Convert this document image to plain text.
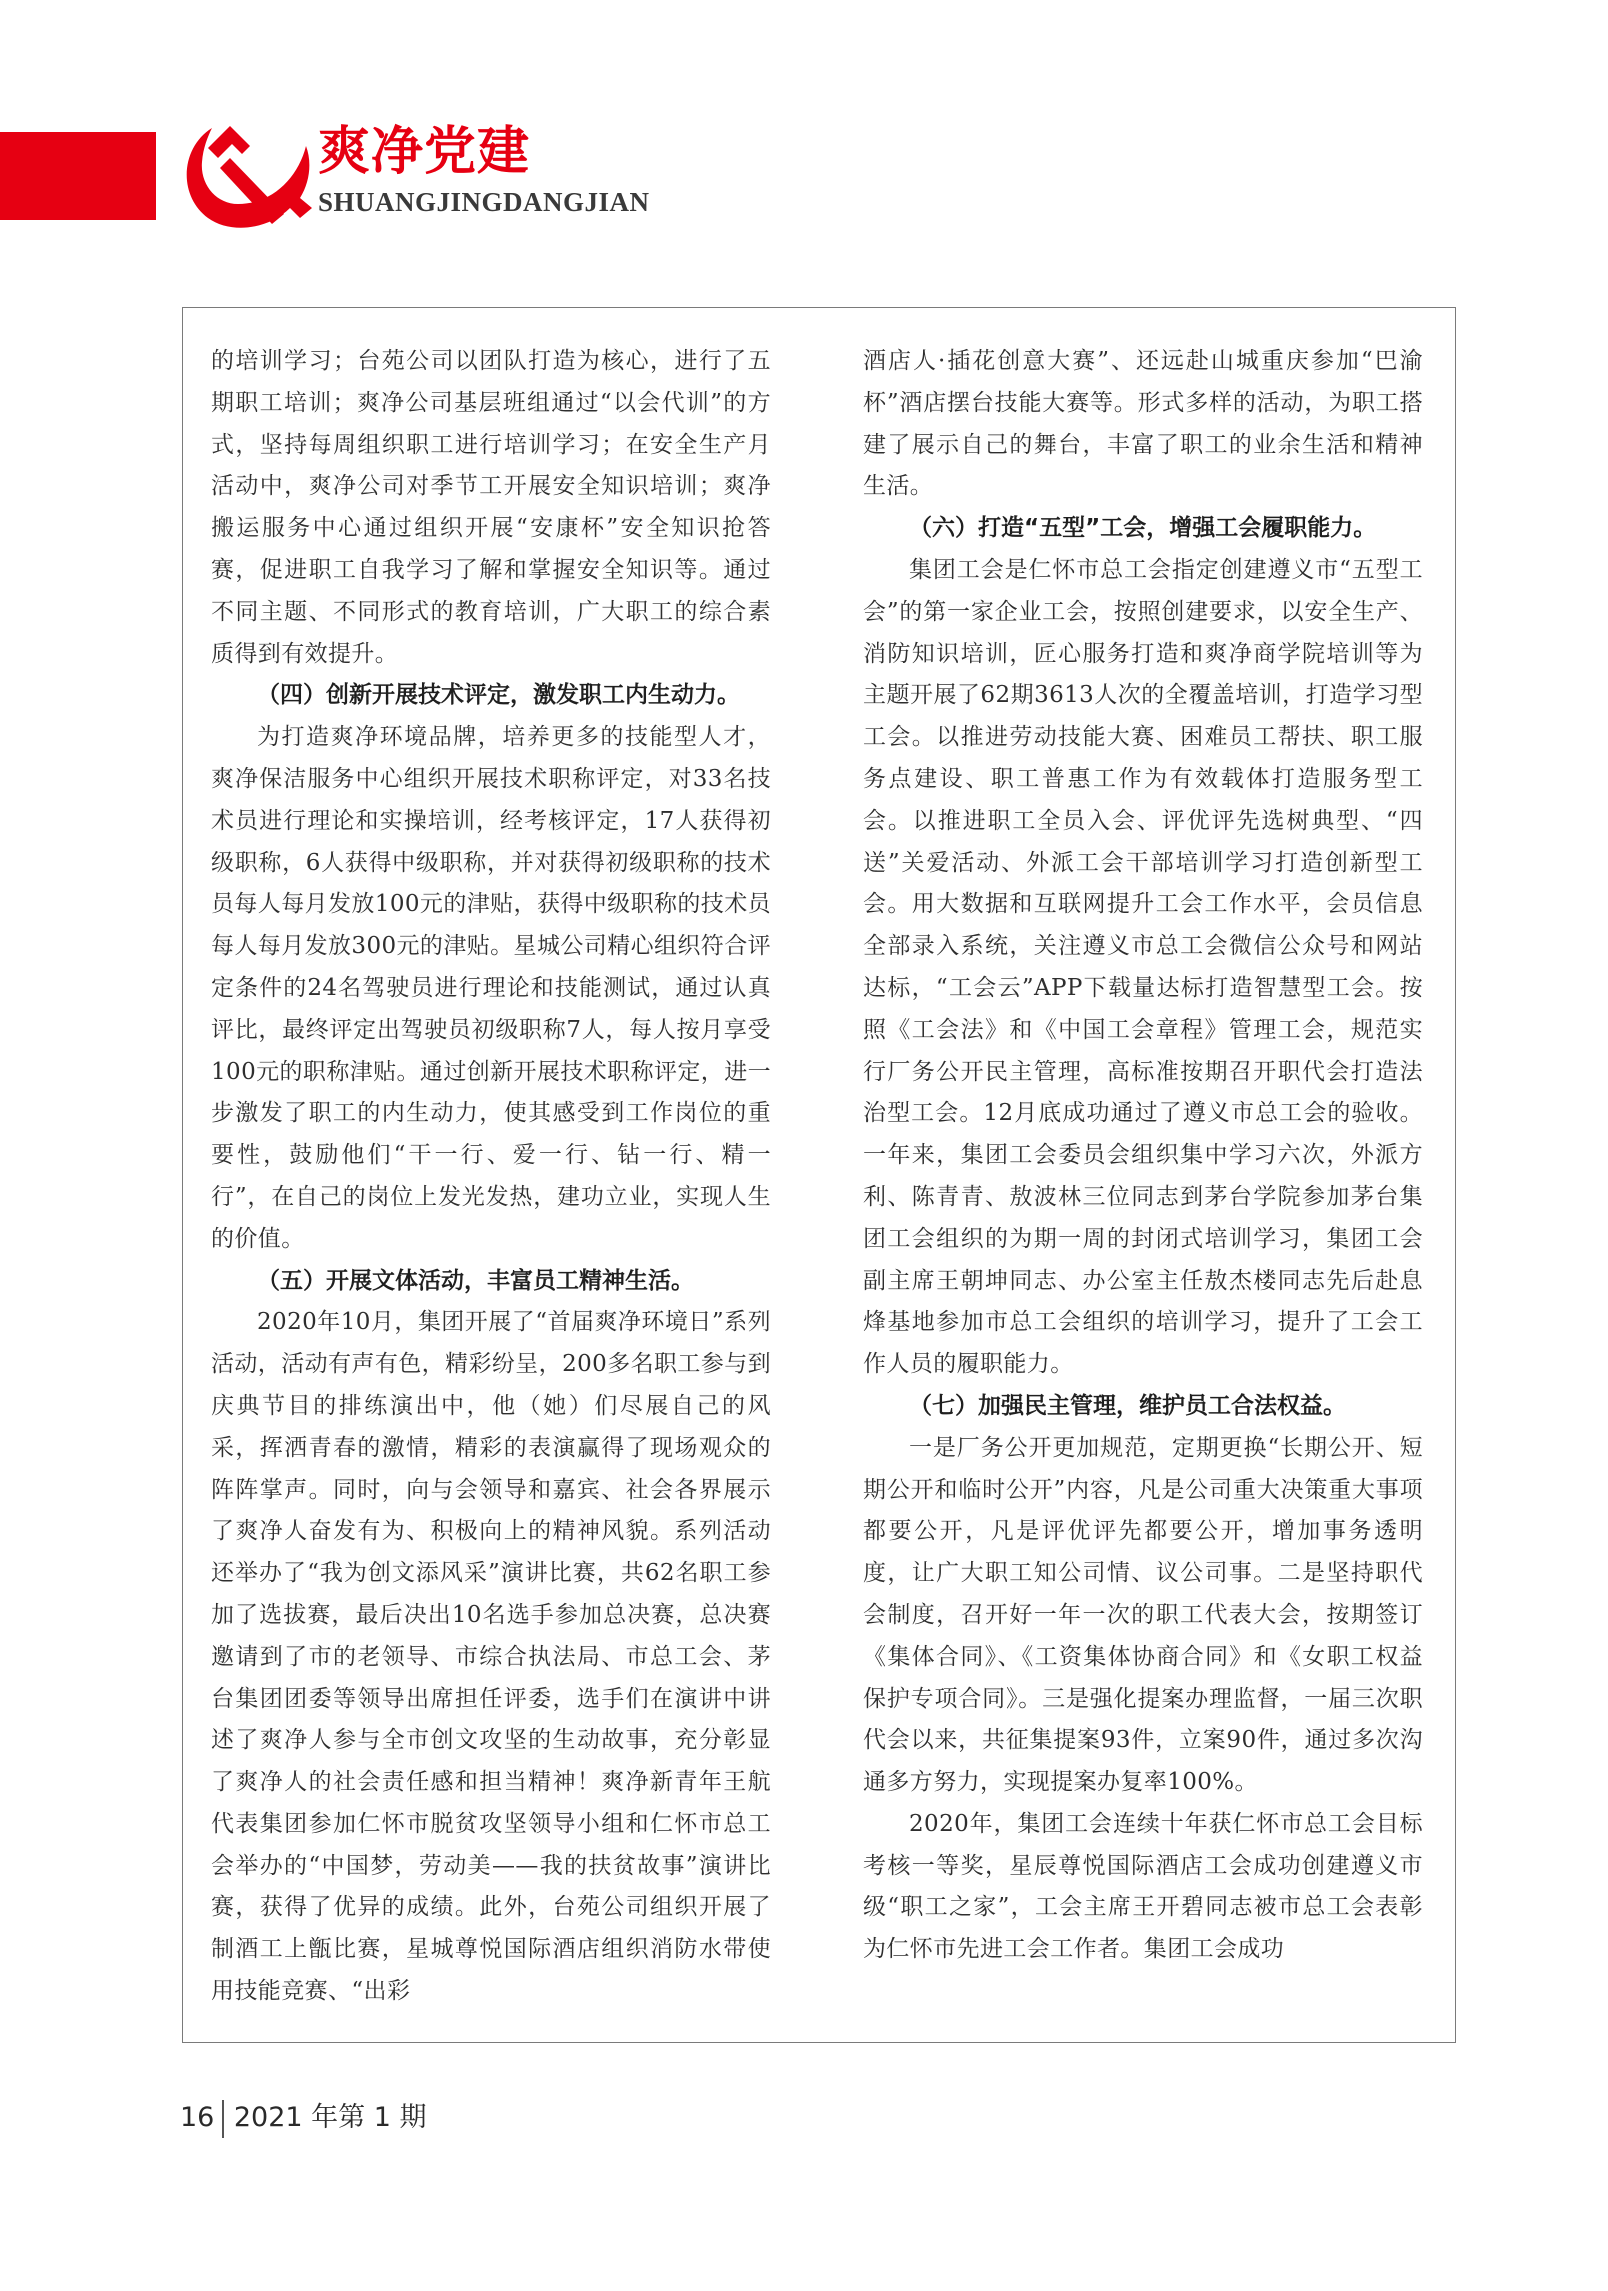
爽净党建
SHUANGJINGDANGJIAN

的培训学习；台苑公司以团队打造为核心，进行了五期职工培训；爽净公司基层班组通过“以会代训”的方式，坚持每周组织职工进行培训学习；在安全生产月活动中，爽净公司对季节工开展安全知识培训；爽净搬运服务中心通过组织开展“安康杯”安全知识抢答赛，促进职工自我学习了解和掌握安全知识等。通过不同主题、不同形式的教育培训，广大职工的综合素质得到有效提升。

（四）创新开展技术评定，激发职工内生动力。

为打造爽净环境品牌，培养更多的技能型人才，爽净保洁服务中心组织开展技术职称评定，对33名技术员进行理论和实操培训，经考核评定，17人获得初级职称，6人获得中级职称，并对获得初级职称的技术员每人每月发放100元的津贴，获得中级职称的技术员每人每月发放300元的津贴。星城公司精心组织符合评定条件的24名驾驶员进行理论和技能测试，通过认真评比，最终评定出驾驶员初级职称7人，每人按月享受100元的职称津贴。通过创新开展技术职称评定，进一步激发了职工的内生动力，使其感受到工作岗位的重要性，鼓励他们“干一行、爱一行、钻一行、精一行”，在自己的岗位上发光发热，建功立业，实现人生的价值。

（五）开展文体活动，丰富员工精神生活。

2020年10月，集团开展了“首届爽净环境日”系列活动，活动有声有色，精彩纷呈，200多名职工参与到庆典节目的排练演出中，他（她）们尽展自己的风采，挥洒青春的激情，精彩的表演赢得了现场观众的阵阵掌声。同时，向与会领导和嘉宾、社会各界展示了爽净人奋发有为、积极向上的精神风貌。系列活动还举办了“我为创文添风采”演讲比赛，共62名职工参加了选拔赛，最后决出10名选手参加总决赛，总决赛邀请到了市的老领导、市综合执法局、市总工会、茅台集团团委等领导出席担任评委，选手们在演讲中讲述了爽净人参与全市创文攻坚的生动故事，充分彰显了爽净人的社会责任感和担当精神！爽净新青年王航代表集团参加仁怀市脱贫攻坚领导小组和仁怀市总工会举办的“中国梦，劳动美——我的扶贫故事”演讲比赛，获得了优异的成绩。此外，台苑公司组织开展了制酒工上甑比赛，星城尊悦国际酒店组织消防水带使用技能竞赛、“出彩

酒店人·插花创意大赛”、还远赴山城重庆参加“巴渝杯”酒店摆台技能大赛等。形式多样的活动，为职工搭建了展示自己的舞台，丰富了职工的业余生活和精神生活。

（六）打造“五型”工会，增强工会履职能力。

集团工会是仁怀市总工会指定创建遵义市“五型工会”的第一家企业工会，按照创建要求，以安全生产、消防知识培训，匠心服务打造和爽净商学院培训等为主题开展了62期3613人次的全覆盖培训，打造学习型工会。以推进劳动技能大赛、困难员工帮扶、职工服务点建设、职工普惠工作为有效载体打造服务型工会。以推进职工全员入会、评优评先选树典型、“四送”关爱活动、外派工会干部培训学习打造创新型工会。用大数据和互联网提升工会工作水平，会员信息全部录入系统，关注遵义市总工会微信公众号和网站达标，“工会云”APP下载量达标打造智慧型工会。按照《工会法》和《中国工会章程》管理工会，规范实行厂务公开民主管理，高标准按期召开职代会打造法治型工会。12月底成功通过了遵义市总工会的验收。一年来，集团工会委员会组织集中学习六次，外派方利、陈青青、敖波林三位同志到茅台学院参加茅台集团工会组织的为期一周的封闭式培训学习，集团工会副主席王朝坤同志、办公室主任敖杰楼同志先后赴息烽基地参加市总工会组织的培训学习，提升了工会工作人员的履职能力。

（七）加强民主管理，维护员工合法权益。

一是厂务公开更加规范，定期更换“长期公开、短期公开和临时公开”内容，凡是公司重大决策重大事项都要公开，凡是评优评先都要公开，增加事务透明度，让广大职工知公司情、议公司事。二是坚持职代会制度，召开好一年一次的职工代表大会，按期签订《集体合同》、《工资集体协商合同》和《女职工权益保护专项合同》。三是强化提案办理监督，一届三次职代会以来，共征集提案93件，立案90件，通过多次沟通多方努力，实现提案办复率100%。

2020年，集团工会连续十年获仁怀市总工会目标考核一等奖，星辰尊悦国际酒店工会成功创建遵义市级“职工之家”，工会主席王开碧同志被市总工会表彰为仁怀市先进工会工作者。集团工会成功

16 2021 年第 1 期
